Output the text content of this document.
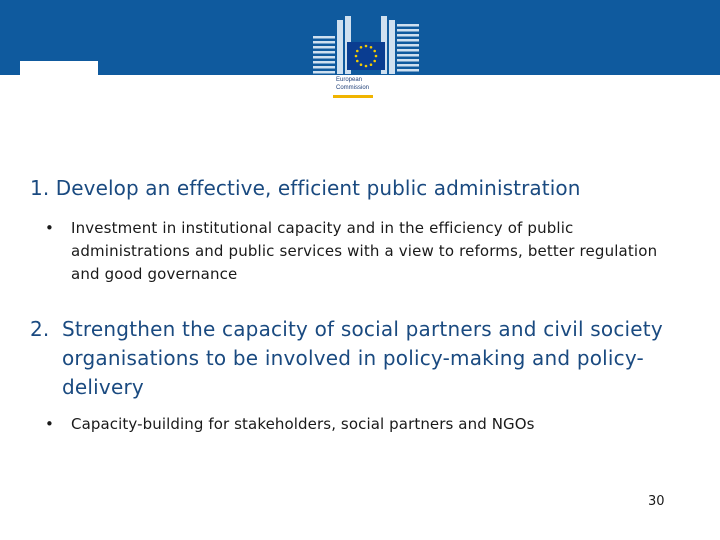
European
Commission
1. Develop an effective, efficient public administration
• Investment in institutional capacity and in the efficiency of public administrations and public services with a view to reforms, better regulation and good governance
2. Strengthen the capacity of social partners and civil society organisations to be involved in policy-making and policy-delivery
• Capacity-building for stakeholders, social partners and NGOs
30
